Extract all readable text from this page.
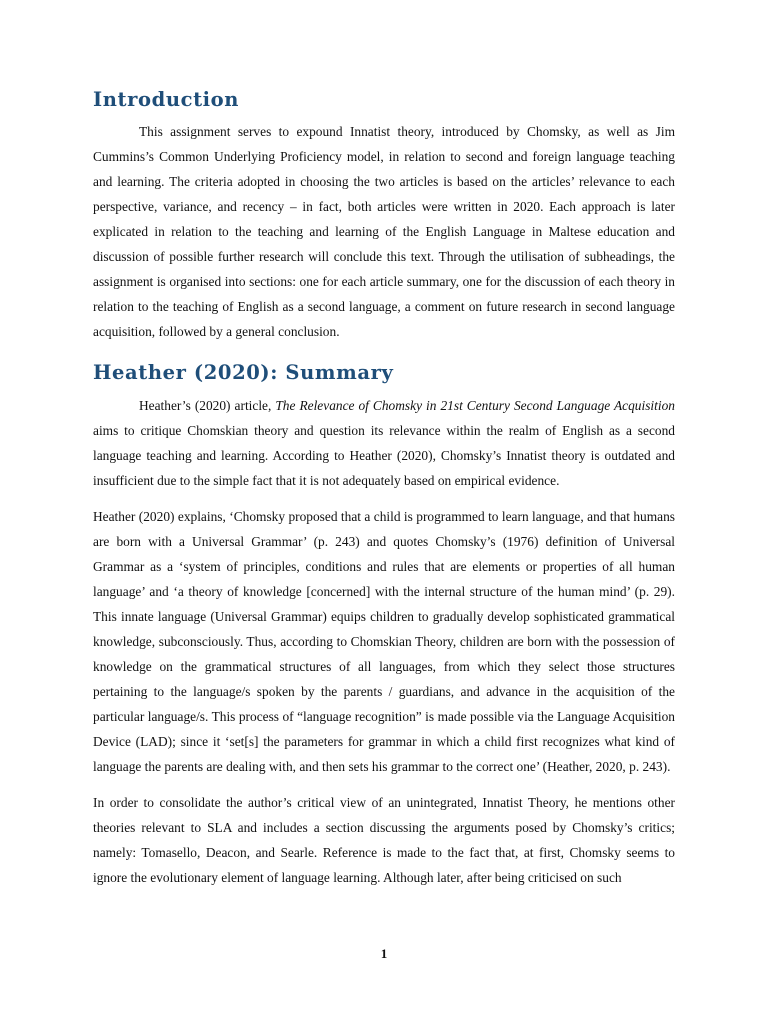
Introduction

This assignment serves to expound Innatist theory, introduced by Chomsky, as well as Jim Cummins’s Common Underlying Proficiency model, in relation to second and foreign language teaching and learning. The criteria adopted in choosing the two articles is based on the articles’ relevance to each perspective, variance, and recency – in fact, both articles were written in 2020. Each approach is later explicated in relation to the teaching and learning of the English Language in Maltese education and discussion of possible further research will conclude this text. Through the utilisation of subheadings, the assignment is organised into sections: one for each article summary, one for the discussion of each theory in relation to the teaching of English as a second language, a comment on future research in second language acquisition, followed by a general conclusion.

Heather (2020): Summary

Heather’s (2020) article, The Relevance of Chomsky in 21st Century Second Language Acquisition aims to critique Chomskian theory and question its relevance within the realm of English as a second language teaching and learning. According to Heather (2020), Chomsky’s Innatist theory is outdated and insufficient due to the simple fact that it is not adequately based on empirical evidence.

Heather (2020) explains, ‘Chomsky proposed that a child is programmed to learn language, and that humans are born with a Universal Grammar’ (p. 243) and quotes Chomsky’s (1976) definition of Universal Grammar as a ‘system of principles, conditions and rules that are elements or properties of all human language’ and ‘a theory of knowledge [concerned] with the internal structure of the human mind’ (p. 29). This innate language (Universal Grammar) equips children to gradually develop sophisticated grammatical knowledge, subconsciously. Thus, according to Chomskian Theory, children are born with the possession of knowledge on the grammatical structures of all languages, from which they select those structures pertaining to the language/s spoken by the parents / guardians, and advance in the acquisition of the particular language/s. This process of “language recognition” is made possible via the Language Acquisition Device (LAD); since it ‘set[s] the parameters for grammar in which a child first recognizes what kind of language the parents are dealing with, and then sets his grammar to the correct one’ (Heather, 2020, p. 243).

In order to consolidate the author’s critical view of an unintegrated, Innatist Theory, he mentions other theories relevant to SLA and includes a section discussing the arguments posed by Chomsky’s critics; namely: Tomasello, Deacon, and Searle. Reference is made to the fact that, at first, Chomsky seems to ignore the evolutionary element of language learning. Although later, after being criticised on such

1
